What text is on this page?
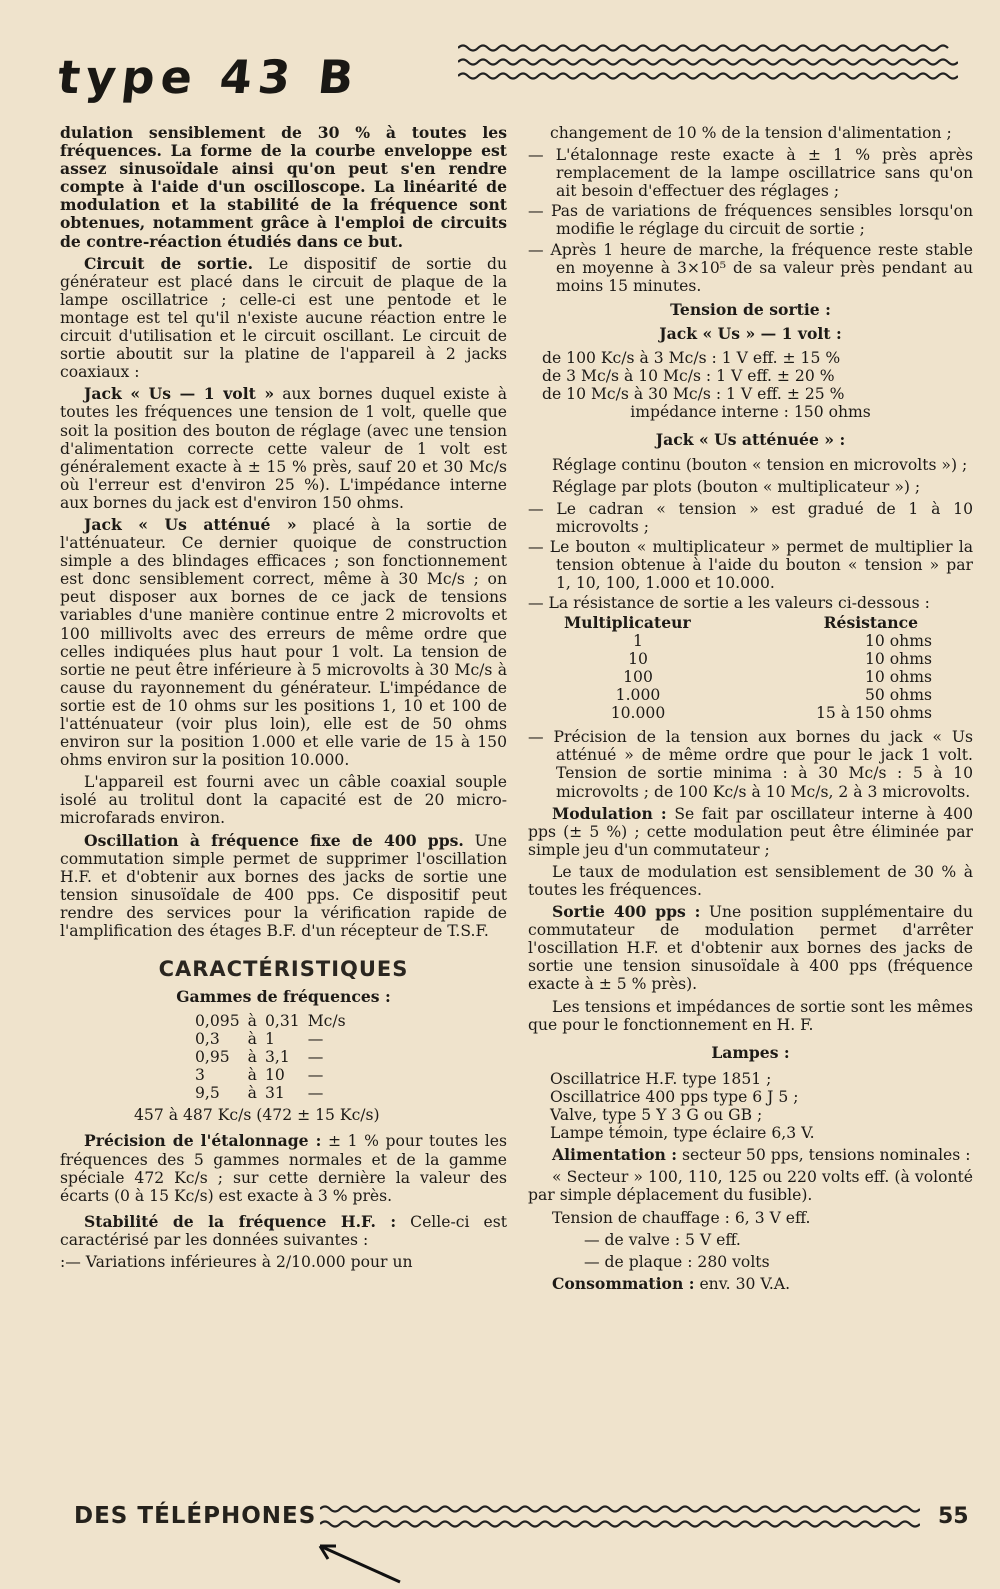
type 43 B

dulation sensiblement de 30 % à toutes les fréquences. La forme de la courbe enveloppe est assez sinusoïdale ainsi qu'on peut s'en rendre compte à l'aide d'un oscilloscope. La linéarité de modulation et la stabilité de la fréquence sont obtenues, notamment grâce à l'emploi de circuits de contre-réaction étudiés dans ce but.

Circuit de sortie. Le dispositif de sortie du générateur est placé dans le circuit de plaque de la lampe oscillatrice ; celle-ci est une pentode et le montage est tel qu'il n'existe aucune réaction entre le circuit d'utilisation et le circuit oscillant. Le circuit de sortie aboutit sur la platine de l'appareil à 2 jacks coaxiaux :

Jack « Us — 1 volt » aux bornes duquel existe à toutes les fréquences une tension de 1 volt, quelle que soit la position des bouton de réglage (avec une tension d'alimentation correcte cette valeur de 1 volt est généralement exacte à ± 15 % près, sauf 20 et 30 Mc/s où l'erreur est d'environ 25 %). L'impédance interne aux bornes du jack est d'environ 150 ohms.

Jack « Us atténué » placé à la sortie de l'atténuateur. Ce dernier quoique de construction simple a des blindages efficaces ; son fonctionnement est donc sensiblement correct, même à 30 Mc/s ; on peut disposer aux bornes de ce jack de tensions variables d'une manière continue entre 2 microvolts et 100 millivolts avec des erreurs de même ordre que celles indiquées plus haut pour 1 volt. La tension de sortie ne peut être inférieure à 5 microvolts à 30 Mc/s à cause du rayonnement du générateur. L'impédance de sortie est de 10 ohms sur les positions 1, 10 et 100 de l'atténuateur (voir plus loin), elle est de 50 ohms environ sur la position 1.000 et elle varie de 15 à 150 ohms environ sur la position 10.000.

L'appareil est fourni avec un câble coaxial souple isolé au trolitul dont la capacité est de 20 micro-microfarads environ.

Oscillation à fréquence fixe de 400 pps. Une commutation simple permet de supprimer l'oscillation H.F. et d'obtenir aux bornes des jacks de sortie une tension sinusoïdale de 400 pps. Ce dispositif peut rendre des services pour la vérification rapide de l'amplification des étages B.F. d'un récepteur de T.S.F.

CARACTÉRISTIQUES
Gammes de fréquences :
0,095	à	0,31	Mc/s
0,3	à	1	—
0,95	à	3,1	—
3	à	10	—
9,5	à	31	—

457 à 487 Kc/s (472 ± 15 Kc/s)

Précision de l'étalonnage : ± 1 % pour toutes les fréquences des 5 gammes normales et de la gamme spéciale 472 Kc/s ; sur cette dernière la valeur des écarts (0 à 15 Kc/s) est exacte à 3 % près.

Stabilité de la fréquence H.F. : Celle-ci est caractérisé par les données suivantes :

:— Variations inférieures à 2/10.000 pour un

changement de 10 % de la tension d'alimentation ;

— L'étalonnage reste exacte à ± 1 % près après remplacement de la lampe oscillatrice sans qu'on ait besoin d'effectuer des réglages ;

— Pas de variations de fréquences sensibles lorsqu'on modifie le réglage du circuit de sortie ;

— Après 1 heure de marche, la fréquence reste stable en moyenne à 3×10⁵ de sa valeur près pendant au moins 15 minutes.

Tension de sortie :
Jack « Us » — 1 volt :

de 100 Kc/s à 3 Mc/s : 1 V eff. ± 15 %

de 3 Mc/s à 10 Mc/s : 1 V eff. ± 20 %

de 10 Mc/s à 30 Mc/s : 1 V eff. ± 25 %

impédance interne : 150 ohms

Jack « Us atténuée » :

Réglage continu (bouton « tension en microvolts ») ;

Réglage par plots (bouton « multiplicateur ») ;

— Le cadran « tension » est gradué de 1 à 10 microvolts ;

— Le bouton « multiplicateur » permet de multiplier la tension obtenue à l'aide du bouton « tension » par 1, 10, 100, 1.000 et 10.000.

— La résistance de sortie a les valeurs ci-dessous :

Multiplicateur	Résistance
1	10 ohms
10	10 ohms
100	10 ohms
1.000	50 ohms
10.000	15 à 150 ohms

— Précision de la tension aux bornes du jack « Us atténué » de même ordre que pour le jack 1 volt. Tension de sortie minima : à 30 Mc/s : 5 à 10 microvolts ; de 100 Kc/s à 10 Mc/s, 2 à 3 microvolts.

Modulation : Se fait par oscillateur interne à 400 pps (± 5 %) ; cette modulation peut être éliminée par simple jeu d'un commutateur ;

Le taux de modulation est sensiblement de 30 % à toutes les fréquences.

Sortie 400 pps : Une position supplémentaire du commutateur de modulation permet d'arrêter l'oscillation H.F. et d'obtenir aux bornes des jacks de sortie une tension sinusoïdale à 400 pps (fréquence exacte à ± 5 % près).

Les tensions et impédances de sortie sont les mêmes que pour le fonctionnement en H. F.

Lampes :

Oscillatrice H.F. type 1851 ;

Oscillatrice 400 pps type 6 J 5 ;

Valve, type 5 Y 3 G ou GB ;

Lampe témoin, type éclaire 6,3 V.

Alimentation : secteur 50 pps, tensions nominales :

« Secteur » 100, 110, 125 ou 220 volts eff. (à volonté par simple déplacement du fusible).

Tension de chauffage : 6, 3 V eff.

— de valve : 5 V eff.

— de plaque : 280 volts

Consommation : env. 30 V.A.

DES TÉLÉPHONES	55
